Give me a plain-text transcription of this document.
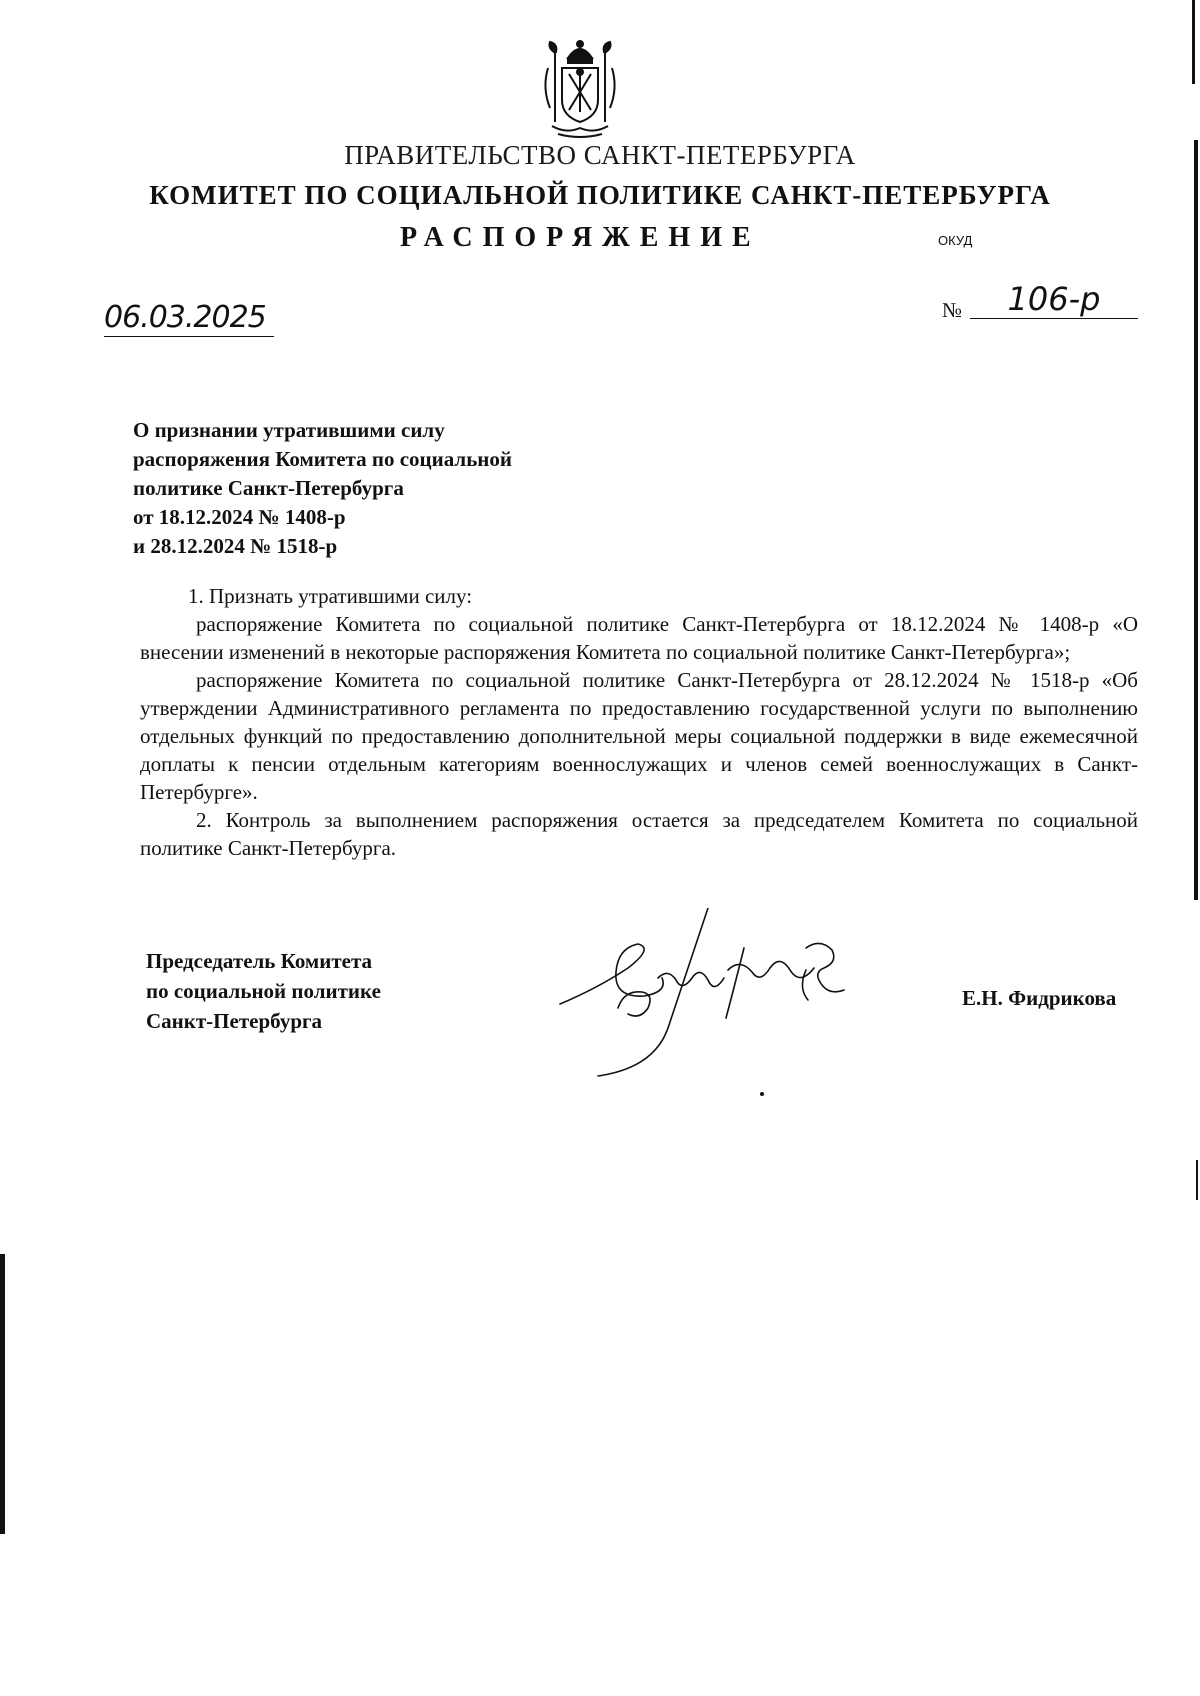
ПРАВИТЕЛЬСТВО САНКТ-ПЕТЕРБУРГА
КОМИТЕТ ПО СОЦИАЛЬНОЙ ПОЛИТИКЕ САНКТ-ПЕТЕРБУРГА
РАСПОРЯЖЕНИЕ	ОКУД
06.03.2025	№	106-р
О признании утратившими силу
распоряжения Комитета по социальной
политике Санкт-Петербурга
от 18.12.2024 № 1408-р
и 28.12.2024 № 1518-р

1. Признать утратившими силу:

распоряжение Комитета по социальной политике Санкт-Петербурга от 18.12.2024 № 1408-р «О внесении изменений в некоторые распоряжения Комитета по социальной политике Санкт-Петербурга»;

распоряжение Комитета по социальной политике Санкт-Петербурга от 28.12.2024 № 1518-р «Об утверждении Административного регламента по предоставлению государственной услуги по выполнению отдельных функций по предоставлению дополнительной меры социальной поддержки в виде ежемесячной доплаты к пенсии отдельным категориям военнослужащих и членов семей военнослужащих в Санкт-Петербурге».

2. Контроль за выполнением распоряжения остается за председателем Комитета по социальной политике Санкт-Петербурга.

Председатель Комитета
по социальной политике
Санкт-Петербурга
Е.Н. Фидрикова
